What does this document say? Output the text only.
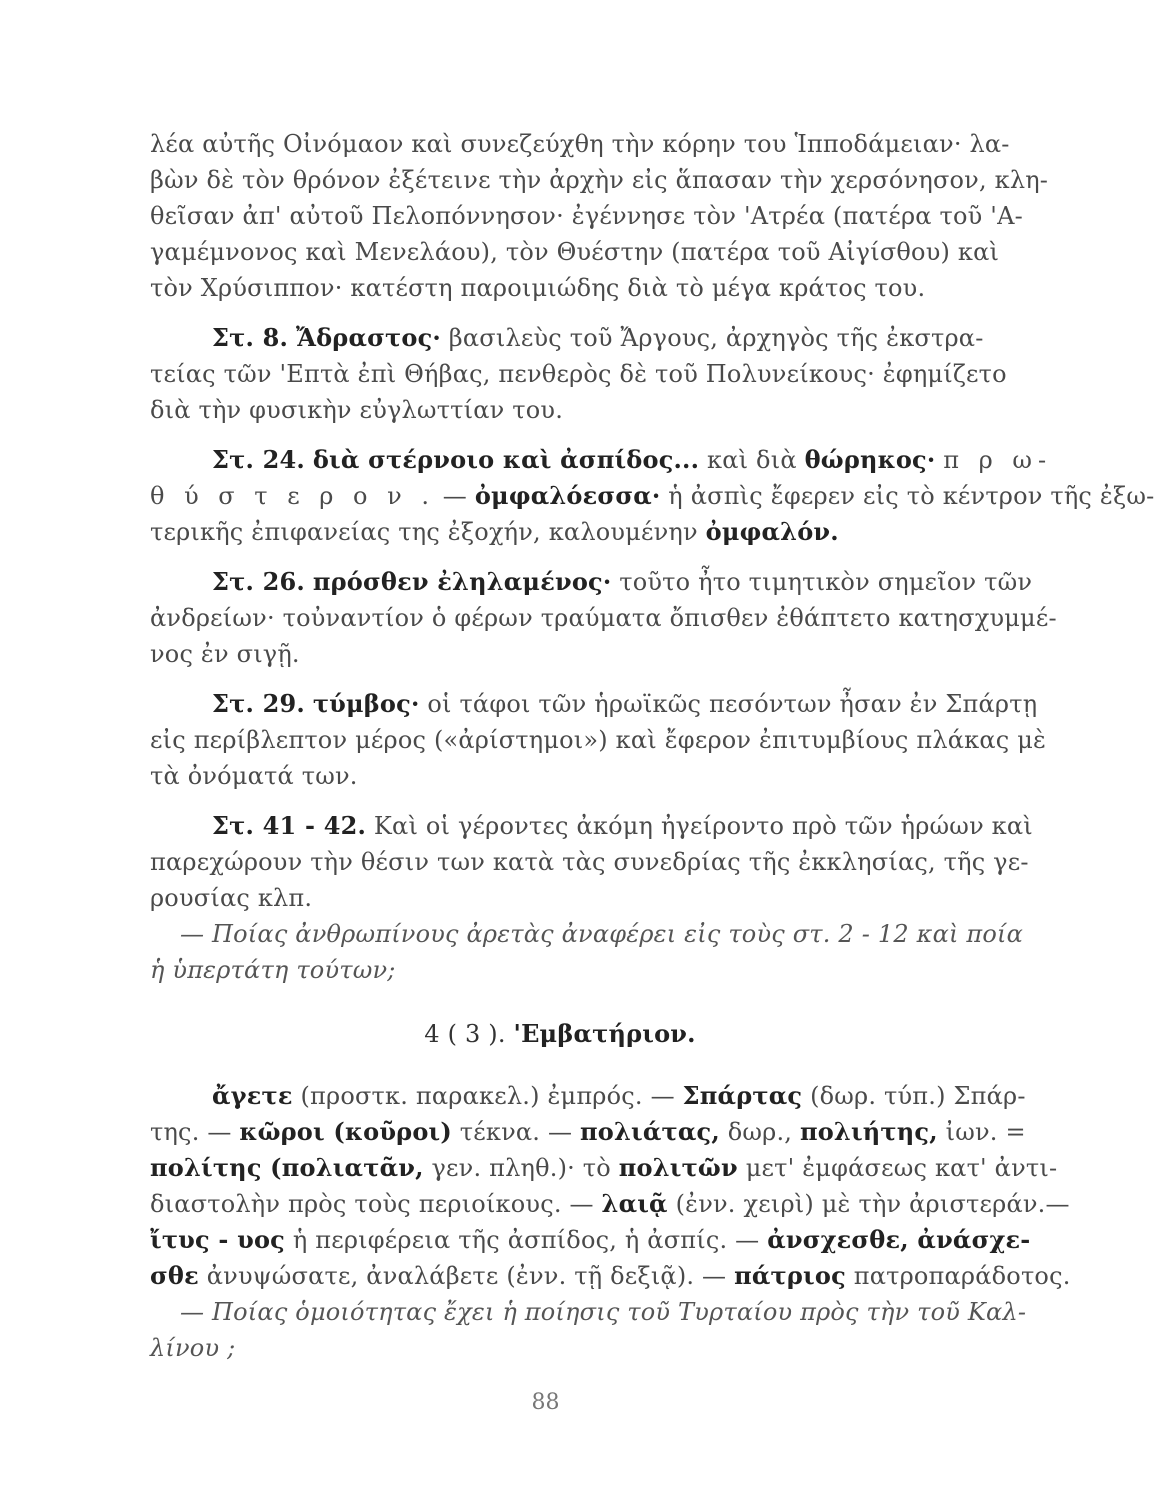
λέα αὐτῆς Οἰνόμαον καὶ συνεζεύχθη τὴν κόρην του Ἱπποδάμειαν· λα-
βὼν δὲ τὸν θρόνον ἐξέτεινε τὴν ἀρχὴν εἰς ἅπασαν τὴν χερσόνησον, κλη-
θεῖσαν ἀπ' αὐτοῦ Πελοπόννησον· ἐγέννησε τὸν 'Ατρέα (πατέρα τοῦ 'Α-
γαμέμνονος καὶ Μενελάου), τὸν Θυέστην (πατέρα τοῦ Αἰγίσθου) καὶ
τὸν Χρύσιππον· κατέστη παροιμιώδης διὰ τὸ μέγα κράτος του.
Στ. 8. Ἄδραστος· βασιλεὺς τοῦ Ἄργους, ἀρχηγὸς τῆς ἐκστρα-
τείας τῶν 'Επτὰ ἐπὶ Θήβας, πενθερὸς δὲ τοῦ Πολυνείκους· ἐφημίζετο
διὰ τὴν φυσικὴν εὐγλωττίαν του.
Στ. 24. διὰ στέρνοιο καὶ ἀσπίδος... καὶ διὰ θώρηκος· π ρ ω-
θ ύ σ τ ε ρ ο ν . — ὀμφαλόεσσα· ἡ ἀσπὶς ἔφερεν εἰς τὸ κέντρον τῆς ἐξω-
τερικῆς ἐπιφανείας της ἐξοχήν, καλουμένην ὀμφαλόν.
Στ. 26. πρόσθεν ἐληλαμένος· τοῦτο ἦτο τιμητικὸν σημεῖον τῶν
ἀνδρείων· τοὐναντίον ὁ φέρων τραύματα ὄπισθεν ἐθάπτετο κατησχυμμέ-
νος ἐν σιγῇ.
Στ. 29. τύμβος· οἱ τάφοι τῶν ἡρωϊκῶς πεσόντων ἦσαν ἐν Σπάρτῃ
εἰς περίβλεπτον μέρος («ἀρίστημοι») καὶ ἔφερον ἐπιτυμβίους πλάκας μὲ
τὰ ὀνόματά των.
Στ. 41 - 42. Καὶ οἱ γέροντες ἀκόμη ἠγείροντο πρὸ τῶν ἡρώων καὶ
παρεχώρουν τὴν θέσιν των κατὰ τὰς συνεδρίας τῆς ἐκκλησίας, τῆς γε-
ρουσίας κλπ.
— Ποίας ἀνθρωπίνους ἀρετὰς ἀναφέρει εἰς τοὺς στ. 2 - 12 καὶ ποία
ἡ ὑπερτάτη τούτων;
4 ( 3 ). 'Εμβατήριον.
ἄγετε (προστκ. παρακελ.) ἐμπρός. — Σπάρτας (δωρ. τύπ.) Σπάρ-
της. — κῶροι (κοῦροι) τέκνα. — πολιάτας, δωρ., πολιήτης, ἰων. =
πολίτης (πολιατᾶν, γεν. πληθ.)· τὸ πολιτῶν μετ' ἐμφάσεως κατ' ἀντι-
διαστολὴν πρὸς τοὺς περιοίκους. — λαιᾷ (ἐνν. χειρὶ) μὲ τὴν ἀριστεράν.—
ἴτυς - υος ἡ περιφέρεια τῆς ἀσπίδος, ἡ ἀσπίς. — ἀνσχεσθε, ἀνάσχε-
σθε ἀνυψώσατε, ἀναλάβετε (ἐνν. τῇ δεξιᾷ). — πάτριος πατροπαράδοτος.
— Ποίας ὁμοιότητας ἔχει ἡ ποίησις τοῦ Τυρταίου πρὸς τὴν τοῦ Καλ-
λίνου ;
88
